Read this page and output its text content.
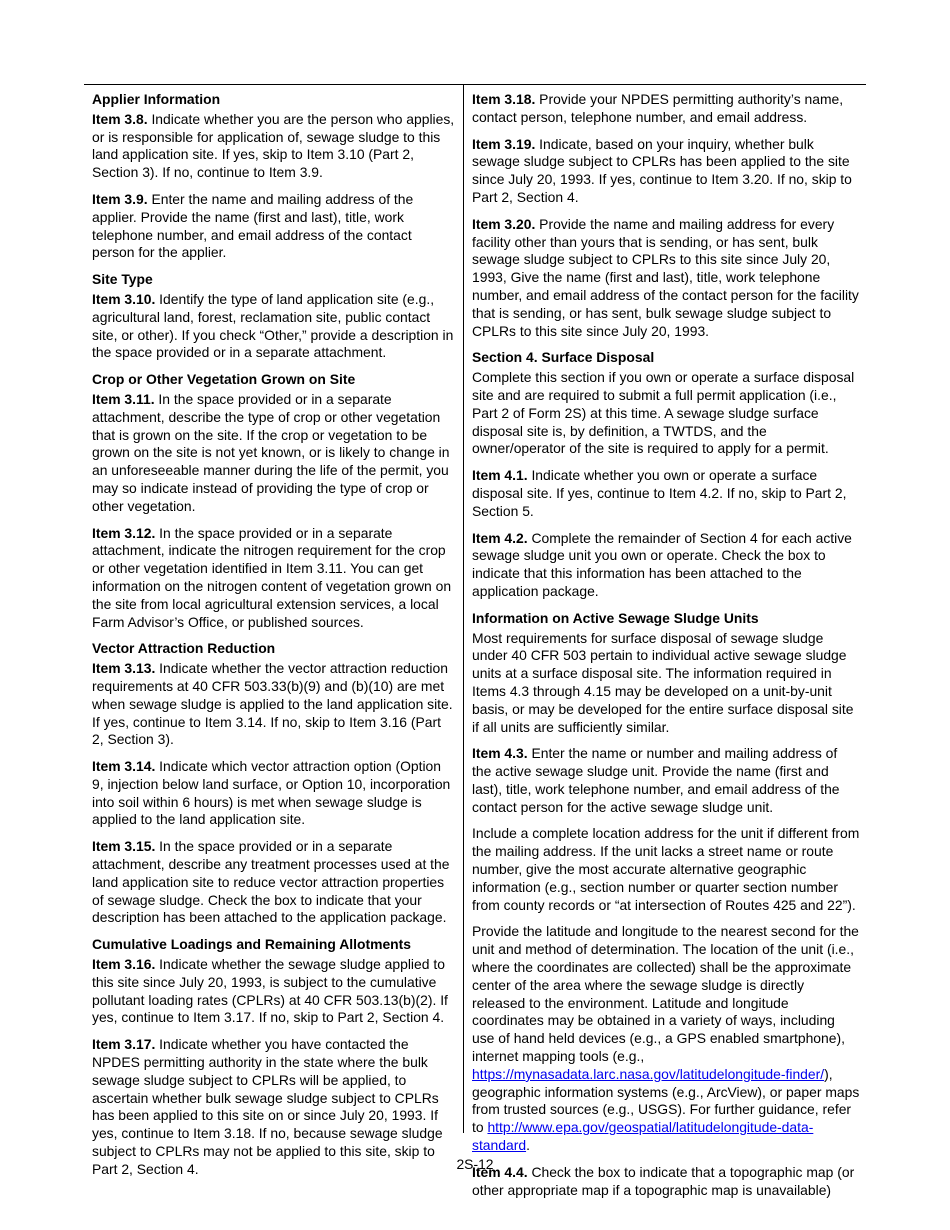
Applier Information

Item 3.8. Indicate whether you are the person who applies, or is responsible for application of, sewage sludge to this land application site. If yes, skip to Item 3.10 (Part 2, Section 3). If no, continue to Item 3.9.

Item 3.9. Enter the name and mailing address of the applier. Provide the name (first and last), title, work telephone number, and email address of the contact person for the applier.

Site Type

Item 3.10. Identify the type of land application site (e.g., agricultural land, forest, reclamation site, public contact site, or other). If you check “Other,” provide a description in the space provided or in a separate attachment.

Crop or Other Vegetation Grown on Site

Item 3.11. In the space provided or in a separate attachment, describe the type of crop or other vegetation that is grown on the site. If the crop or vegetation to be grown on the site is not yet known, or is likely to change in an unforeseeable manner during the life of the permit, you may so indicate instead of providing the type of crop or other vegetation.

Item 3.12. In the space provided or in a separate attachment, indicate the nitrogen requirement for the crop or other vegetation identified in Item 3.11. You can get information on the nitrogen content of vegetation grown on the site from local agricultural extension services, a local Farm Advisor’s Office, or published sources.

Vector Attraction Reduction

Item 3.13. Indicate whether the vector attraction reduction requirements at 40 CFR 503.33(b)(9) and (b)(10) are met when sewage sludge is applied to the land application site. If yes, continue to Item 3.14. If no, skip to Item 3.16 (Part 2, Section 3).

Item 3.14. Indicate which vector attraction option (Option 9, injection below land surface, or Option 10, incorporation into soil within 6 hours) is met when sewage sludge is applied to the land application site.

Item 3.15. In the space provided or in a separate attachment, describe any treatment processes used at the land application site to reduce vector attraction properties of sewage sludge. Check the box to indicate that your description has been attached to the application package.

Cumulative Loadings and Remaining Allotments

Item 3.16. Indicate whether the sewage sludge applied to this site since July 20, 1993, is subject to the cumulative pollutant loading rates (CPLRs) at 40 CFR 503.13(b)(2). If yes, continue to Item 3.17. If no, skip to Part 2, Section 4.

Item 3.17. Indicate whether you have contacted the NPDES permitting authority in the state where the bulk sewage sludge subject to CPLRs will be applied, to ascertain whether bulk sewage sludge subject to CPLRs has been applied to this site on or since July 20, 1993. If yes, continue to Item 3.18. If no, because sewage sludge subject to CPLRs may not be applied to this site, skip to Part 2, Section 4.

Item 3.18. Provide your NPDES permitting authority’s name, contact person, telephone number, and email address.

Item 3.19. Indicate, based on your inquiry, whether bulk sewage sludge subject to CPLRs has been applied to the site since July 20, 1993. If yes, continue to Item 3.20. If no, skip to Part 2, Section 4.

Item 3.20. Provide the name and mailing address for every facility other than yours that is sending, or has sent, bulk sewage sludge subject to CPLRs to this site since July 20, 1993, Give the name (first and last), title, work telephone number, and email address of the contact person for the facility that is sending, or has sent, bulk sewage sludge subject to CPLRs to this site since July 20, 1993.

Section 4. Surface Disposal

Complete this section if you own or operate a surface disposal site and are required to submit a full permit application (i.e., Part 2 of Form 2S) at this time. A sewage sludge surface disposal site is, by definition, a TWTDS, and the owner/operator of the site is required to apply for a permit.

Item 4.1. Indicate whether you own or operate a surface disposal site. If yes, continue to Item 4.2. If no, skip to Part 2, Section 5.

Item 4.2. Complete the remainder of Section 4 for each active sewage sludge unit you own or operate. Check the box to indicate that this information has been attached to the application package.

Information on Active Sewage Sludge Units

Most requirements for surface disposal of sewage sludge under 40 CFR 503 pertain to individual active sewage sludge units at a surface disposal site. The information required in Items 4.3 through 4.15 may be developed on a unit-by-unit basis, or may be developed for the entire surface disposal site if all units are sufficiently similar.

Item 4.3. Enter the name or number and mailing address of the active sewage sludge unit. Provide the name (first and last), title, work telephone number, and email address of the contact person for the active sewage sludge unit.

Include a complete location address for the unit if different from the mailing address. If the unit lacks a street name or route number, give the most accurate alternative geographic information (e.g., section number or quarter section number from county records or “at intersection of Routes 425 and 22”).

Provide the latitude and longitude to the nearest second for the unit and method of determination. The location of the unit (i.e., where the coordinates are collected) shall be the approximate center of the area where the sewage sludge is directly released to the environment. Latitude and longitude coordinates may be obtained in a variety of ways, including use of hand held devices (e.g., a GPS enabled smartphone), internet mapping tools (e.g., https://mynasadata.larc.nasa.gov/latitudelongitude-finder/), geographic information systems (e.g., ArcView), or paper maps from trusted sources (e.g., USGS). For further guidance, refer to http://www.epa.gov/geospatial/latitudelongitude-data-standard.

Item 4.4. Check the box to indicate that a topographic map (or other appropriate map if a topographic map is unavailable)

2S-12
